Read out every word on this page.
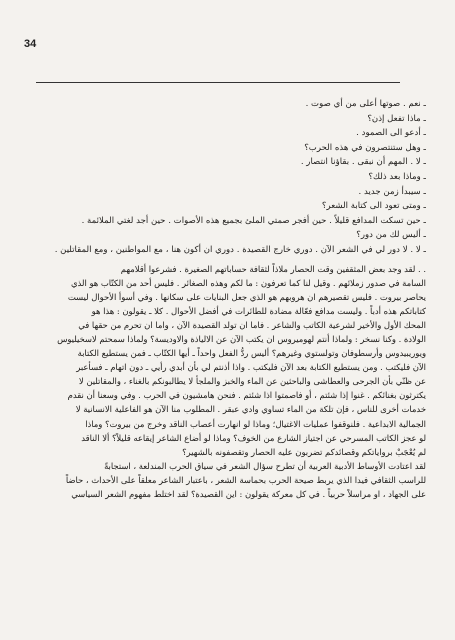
34
ـ نعم . صوتها أعلى من أي صوت .
ـ ماذا تفعل إذن؟
ـ أدعو الى الصمود .
ـ وهل ستنتصرون في هذه الحرب؟
ـ لا . المهم أن نبقى . بقاؤنا انتصار .
ـ وماذا بعد ذلك؟
ـ سيبدأ زمن جديد .
ـ ومتى تعود الى كتابة الشعر؟
ـ حين تسكت المدافع قليلاً . حين أفجر صمتي الملئ بجميع هذه الأصوات . حين أجد لغتي الملائمة .
ـ أليس لك من دور؟
ـ لا . لا دور لي في الشعر الآن . دوري خارج القصيدة . دوري ان أكون هنا ، مع المواطنين ، ومع المقاتلين .
. . لقد وجد بعض المثقفين وقت الحصار ملاذاً لثقافة حساباتهم الصغيرة . فشرعوا أقلامهم
السامة في صدور زملائهم . وقيل لنا كما تعرفون : ما لكم وهذه الصغائر . فليس أحد من الكتّاب هو الذي
يحاصر بيروت . فليس تقصيرهم ان هروبهم هو الذي جعل البنايات على سكانها . وفي أسوأ الأحوال ليست
كتاباتكم هذه أدباً . وليست مدافع فعّالة مضادة للطائرات في أفضل الأحوال . كلا ـ يقولون : هذا هو
المحك الأول والأخير لشرعية الكاتب والشاعر . فاما ان تولد القصيدة الآن ، واما ان تحرم من حقها في
الولادة . وكنا نسخر : ولماذا أنتم لهوميروس ان يكتب الآن عن الالياذة والاوديسة؟ ولماذا سمحتم لاسخيليوس
ويوريبيدوس وأرسطوفان وتولستوي وغيرهم؟ أليس ردُّ الفعل واحداً ـ أيها الكتّاب ـ فمن يستطيع الكتابة
الآن فليكتب . ومن يستطيع الكتابة بعد الآن فليكتب . واذا أذنتم لي بأن أبدي رأيي ـ دون اتهام ـ فسأعبر
عن ظنّي بأن الجرحى والعطاشى والباحثين عن الماء والخبز والملجأ لا يطالبونكم بالغناء ، والمقاتلين لا
يكترثون بغنائكم . غنوا إذا شئتم ، أو فاصمتوا اذا شئتم . فنحن هامشيون في الحرب . وفي وسعنا أن نقدم
خدمات أخرى للناس ، فإن تلكة من الماء تساوي وادي عبقر . المطلوب منا الآن هو الفاعلية الانسانية لا
الجمالية الابداعية . فلنوقفوا عمليات الاغتيال؛ وماذا لو انهارت أعصاب الناقد وخرج من بيروت؟ وماذا
لو عجز الكاتب المسرحي عن اجتياز الشارع من الخوف؟ وماذا لو أضاع الشاعر إيقاعه قليلاً؟ ألا الناقد
لم يُعْجَبْ برواياتكم وقصائدكم تضربون عليه الحصار وتقصفونه بالشهير؟
لقد اعتادت الأوساط الأدبية العربية أن تطرح سؤال الشعر في سياق الحرب المندلعة ، استجابةً
للراسب الثقافي فيدا الذي يربط صيحة الحرب بحماسة الشعر ، باعتبار الشاعر معلقاً على الأحداث ، حاضاً
على الجهاد ، او مراسلاً حربياً . في كل معركة يقولون : اين القصيدة؟ لقد اختلط مفهوم الشعر السياسي
